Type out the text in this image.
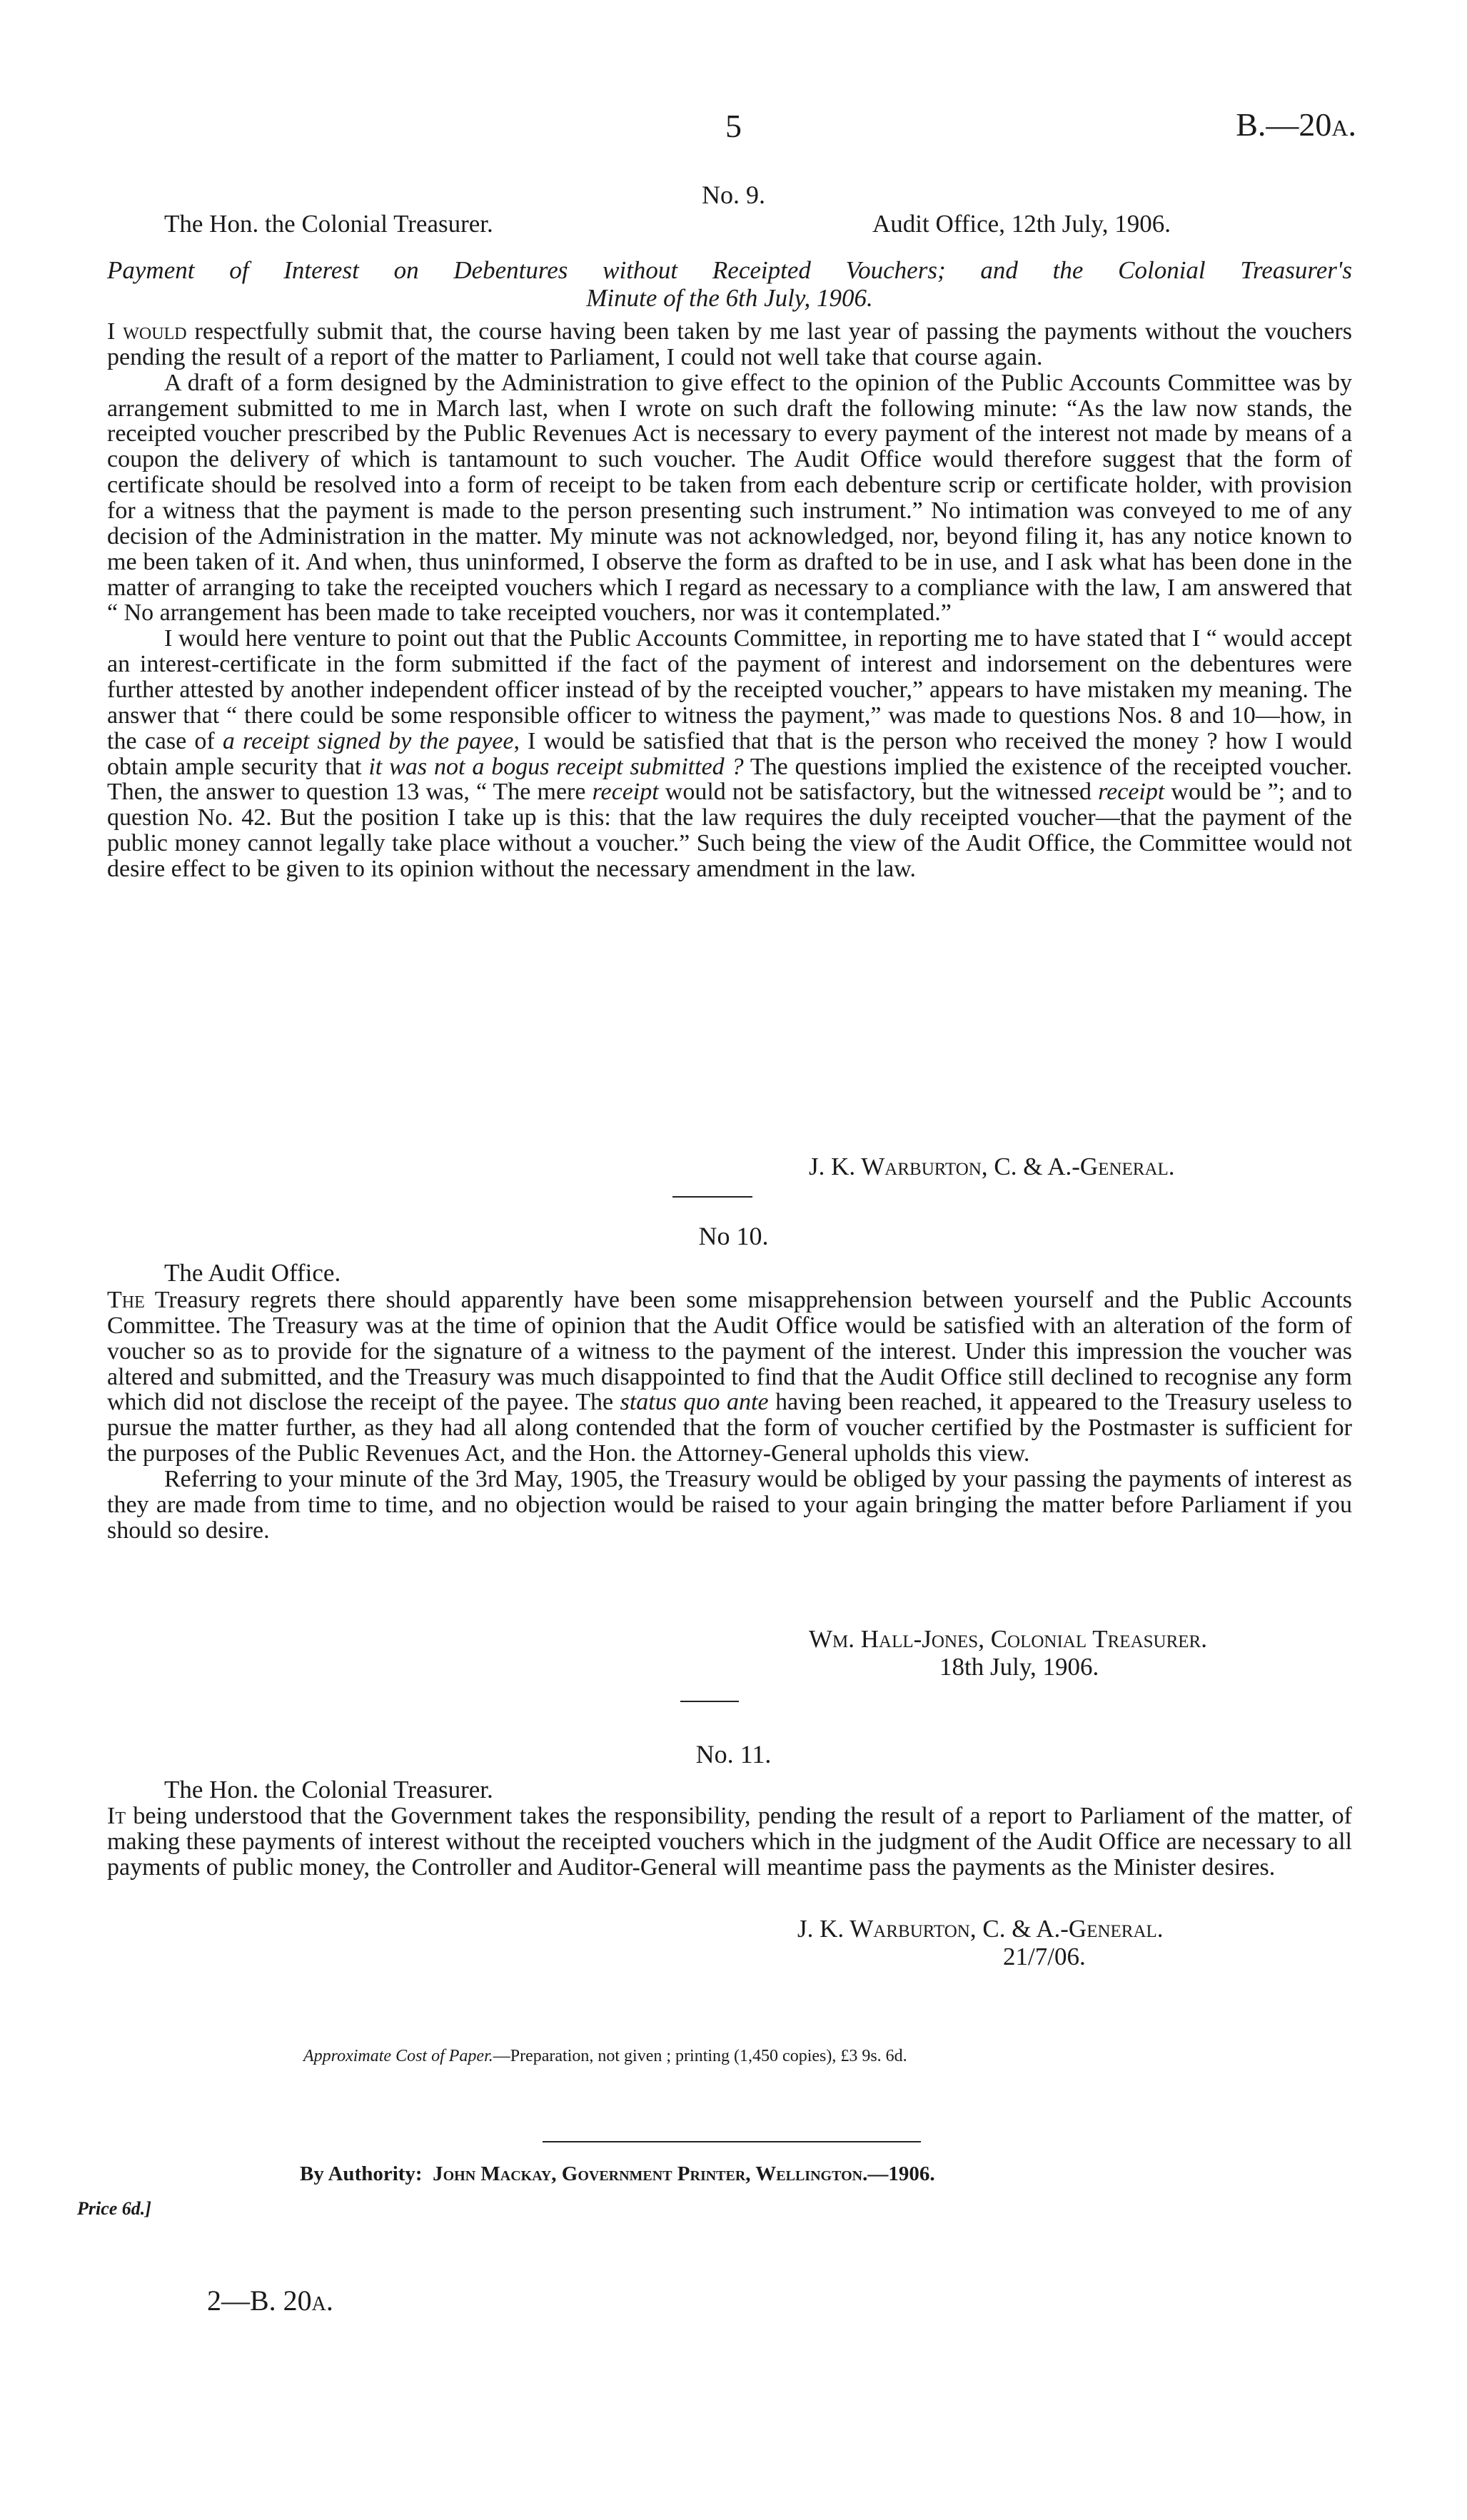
5	B.—20a.
No. 9.
The Hon. the Colonial Treasurer.	Audit Office, 12th July, 1906.
Payment of Interest on Debentures without Receipted Vouchers; and the Colonial Treasurer's
Minute of the 6th July, 1906.

I would respectfully submit that, the course having been taken by me last year of passing the payments without the vouchers pending the result of a report of the matter to Parliament, I could not well take that course again.

A draft of a form designed by the Administration to give effect to the opinion of the Public Accounts Committee was by arrangement submitted to me in March last, when I wrote on such draft the following minute: “As the law now stands, the receipted voucher prescribed by the Public Revenues Act is necessary to every payment of the interest not made by means of a coupon the delivery of which is tantamount to such voucher. The Audit Office would therefore suggest that the form of certificate should be resolved into a form of receipt to be taken from each debenture scrip or certificate holder, with provision for a witness that the payment is made to the person presenting such instrument.” No intimation was conveyed to me of any decision of the Administration in the matter. My minute was not acknowledged, nor, beyond filing it, has any notice known to me been taken of it. And when, thus uninformed, I observe the form as drafted to be in use, and I ask what has been done in the matter of arranging to take the receipted vouchers which I regard as necessary to a compliance with the law, I am answered that “ No arrangement has been made to take receipted vouchers, nor was it contemplated.”

I would here venture to point out that the Public Accounts Committee, in reporting me to have stated that I “ would accept an interest-certificate in the form submitted if the fact of the payment of interest and indorsement on the debentures were further attested by another independent officer instead of by the receipted voucher,” appears to have mistaken my meaning. The answer that “ there could be some responsible officer to witness the payment,” was made to questions Nos. 8 and 10—how, in the case of a receipt signed by the payee, I would be satisfied that that is the person who received the money ? how I would obtain ample security that it was not a bogus receipt submitted ? The questions implied the existence of the receipted voucher. Then, the answer to question 13 was, “ The mere receipt would not be satisfactory, but the witnessed receipt would be ”; and to question No. 42. But the position I take up is this: that the law requires the duly receipted voucher—that the payment of the public money cannot legally take place without a voucher.” Such being the view of the Audit Office, the Committee would not desire effect to be given to its opinion without the necessary amendment in the law.

J. K. Warburton, C. & A.-General.
No 10.
The Audit Office.

The Treasury regrets there should apparently have been some misapprehension between yourself and the Public Accounts Committee. The Treasury was at the time of opinion that the Audit Office would be satisfied with an alteration of the form of voucher so as to provide for the signature of a witness to the payment of the interest. Under this impression the voucher was altered and submitted, and the Treasury was much disappointed to find that the Audit Office still declined to recognise any form which did not disclose the receipt of the payee. The status quo ante having been reached, it appeared to the Treasury useless to pursue the matter further, as they had all along contended that the form of voucher certified by the Postmaster is sufficient for the purposes of the Public Revenues Act, and the Hon. the Attorney-General upholds this view.

Referring to your minute of the 3rd May, 1905, the Treasury would be obliged by your passing the payments of interest as they are made from time to time, and no objection would be raised to your again bringing the matter before Parliament if you should so desire.

Wm. Hall-Jones, Colonial Treasurer.
18th July, 1906.
No. 11.
The Hon. the Colonial Treasurer.

It being understood that the Government takes the responsibility, pending the result of a report to Parliament of the matter, of making these payments of interest without the receipted vouchers which in the judgment of the Audit Office are necessary to all payments of public money, the Controller and Auditor-General will meantime pass the payments as the Minister desires.

J. K. Warburton, C. & A.-General.
21/7/06.
Approximate Cost of Paper.—Preparation, not given ; printing (1,450 copies), £3 9s. 6d.
By Authority: John Mackay, Government Printer, Wellington.—1906.
Price 6d.]
2—B. 20a.
